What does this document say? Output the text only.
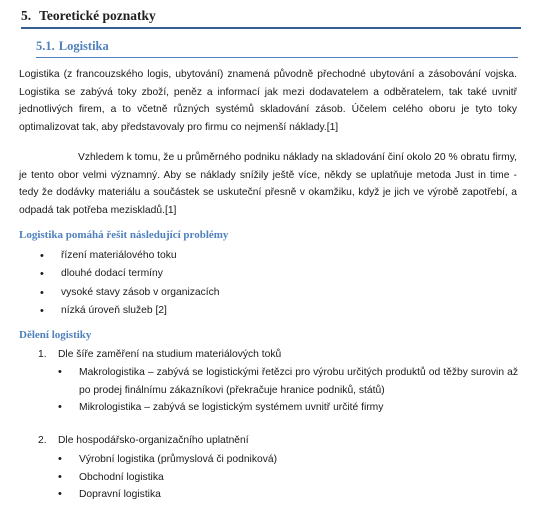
5. Teoretické poznatky
5.1. Logistika

Logistika (z francouzského logis, ubytování) znamená původně přechodné ubytování a zásobování vojska. Logistika se zabývá toky zboží, peněz a informací jak mezi dodavatelem a odběratelem, tak také uvnitř jednotlivých firem, a to včetně různých systémů skladování zásob. Účelem celého oboru je tyto toky optimalizovat tak, aby představovaly pro firmu co nejmenší náklady.[1]

Vzhledem k tomu, že u průměrného podniku náklady na skladování činí okolo 20 % obratu firmy, je tento obor velmi významný. Aby se náklady snížily ještě více, někdy se uplatňuje metoda Just in time - tedy že dodávky materiálu a součástek se uskuteční přesně v okamžiku, když je jich ve výrobě zapotřebí, a odpadá tak potřeba meziskladů.[1]

Logistika pomáhá řešit následující problémy
• řízení materiálového toku
• dlouhé dodací termíny
• vysoké stavy zásob v organizacích
• nízká úroveň služeb [2]
Dělení logistiky
1. Dle šíře zaměření na studium materiálových toků
• Makrologistika – zabývá se logistickými řetězci pro výrobu určitých produktů od těžby surovin až po prodej finálnímu zákazníkovi (překračuje hranice podniků, států)
• Mikrologistika – zabývá se logistickým systémem uvnitř určité firmy
2. Dle hospodářsko-organizačního uplatnění
• Výrobní logistika (průmyslová či podniková)
• Obchodní logistika
• Dopravní logistika
